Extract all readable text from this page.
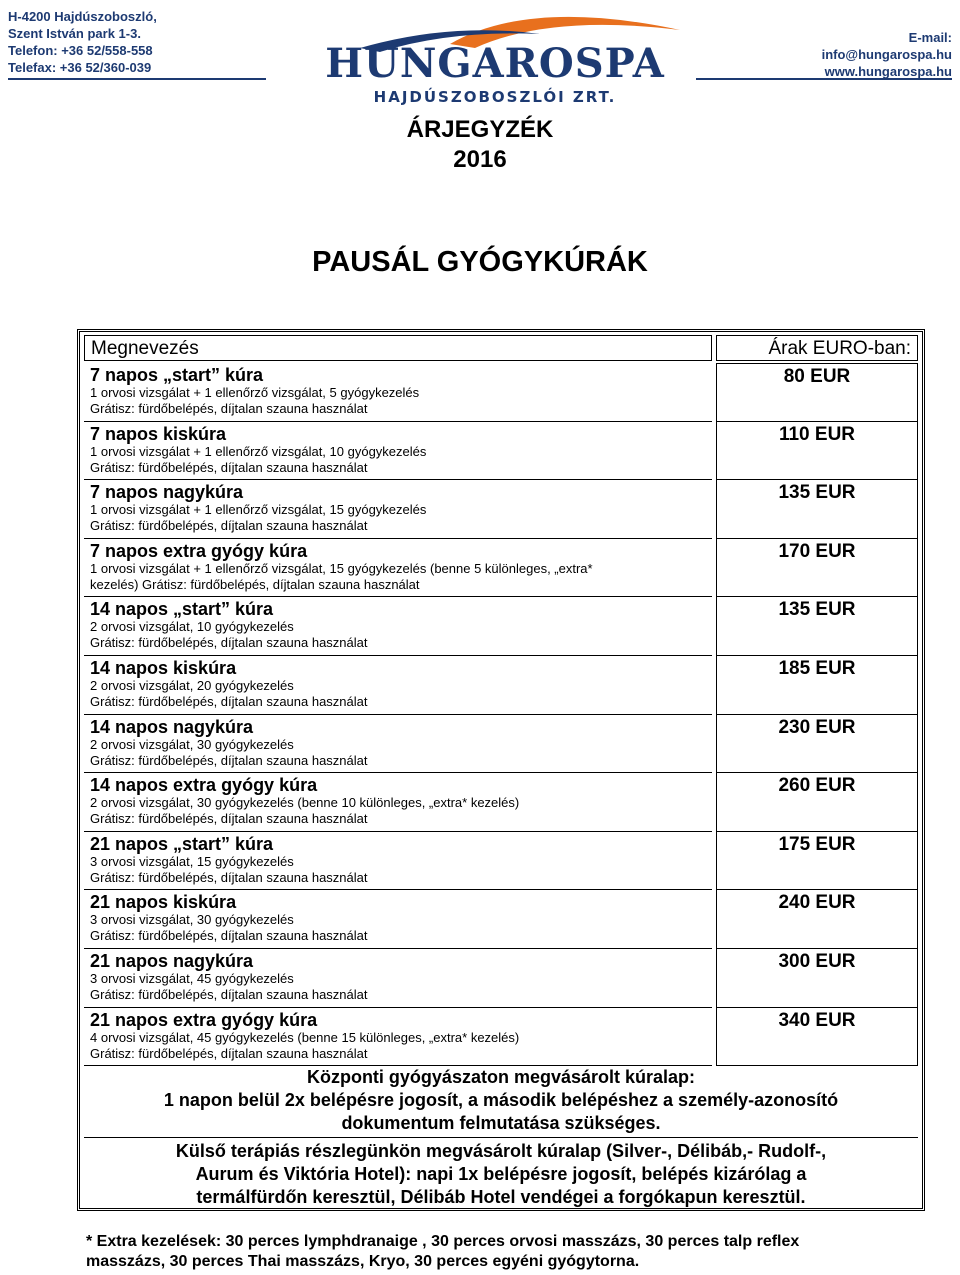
H-4200 Hajdúszoboszló,
Szent István park 1-3.
Telefon: +36 52/558-558
Telefax: +36 52/360-039
E-mail:
info@hungarospa.hu
www.hungarospa.hu
HUNGAROSPA
HAJDÚSZOBOSZLÓI ZRT.
ÁRJEGYZÉK
2016
PAUSÁL GYÓGYKÚRÁK
Megnevezés	Árak EURO-ban:
7 napos „start” kúra
1 orvosi vizsgálat + 1 ellenőrző vizsgálat, 5 gyógykezelés
Grátisz: fürdőbelépés, díjtalan szauna használat
80 EUR
7 napos kiskúra
1 orvosi vizsgálat + 1 ellenőrző vizsgálat, 10 gyógykezelés
Grátisz: fürdőbelépés, díjtalan szauna használat
110 EUR
7 napos nagykúra
1 orvosi vizsgálat + 1 ellenőrző vizsgálat, 15 gyógykezelés
Grátisz: fürdőbelépés, díjtalan szauna használat
135 EUR
7 napos extra gyógy kúra
1 orvosi vizsgálat + 1 ellenőrző vizsgálat, 15 gyógykezelés (benne 5 különleges, „extra*
kezelés) Grátisz: fürdőbelépés, díjtalan szauna használat
170 EUR
14 napos „start” kúra
2 orvosi vizsgálat, 10 gyógykezelés
Grátisz: fürdőbelépés, díjtalan szauna használat
135 EUR
14 napos kiskúra
2 orvosi vizsgálat, 20 gyógykezelés
Grátisz: fürdőbelépés, díjtalan szauna használat
185 EUR
14 napos nagykúra
2 orvosi vizsgálat, 30 gyógykezelés
Grátisz: fürdőbelépés, díjtalan szauna használat
230 EUR
14 napos extra gyógy kúra
2 orvosi vizsgálat, 30 gyógykezelés (benne 10 különleges, „extra* kezelés)
Grátisz: fürdőbelépés, díjtalan szauna használat
260 EUR
21 napos „start” kúra
3 orvosi vizsgálat, 15 gyógykezelés
Grátisz: fürdőbelépés, díjtalan szauna használat
175 EUR
21 napos kiskúra
3 orvosi vizsgálat, 30 gyógykezelés
Grátisz: fürdőbelépés, díjtalan szauna használat
240 EUR
21 napos nagykúra
3 orvosi vizsgálat, 45 gyógykezelés
Grátisz: fürdőbelépés, díjtalan szauna használat
300 EUR
21 napos extra gyógy kúra
4 orvosi vizsgálat, 45 gyógykezelés (benne 15 különleges, „extra* kezelés)
Grátisz: fürdőbelépés, díjtalan szauna használat
340 EUR

Központi gyógyászaton megvásárolt kúralap:

1 napon belül 2x belépésre jogosít, a második belépéshez a személy-azonosító

dokumentum felmutatása szükséges.

Külső terápiás részlegünkön megvásárolt kúralap (Silver-, Délibáb,- Rudolf-,

Aurum és Viktória Hotel): napi 1x belépésre jogosít, belépés kizárólag a

termálfürdőn keresztül, Délibáb Hotel vendégei a forgókapun keresztül.

* Extra kezelések: 30 perces lymphdranaige , 30 perces orvosi masszázs, 30 perces talp reflex
masszázs, 30 perces Thai masszázs, Kryo, 30 perces egyéni gyógytorna.
